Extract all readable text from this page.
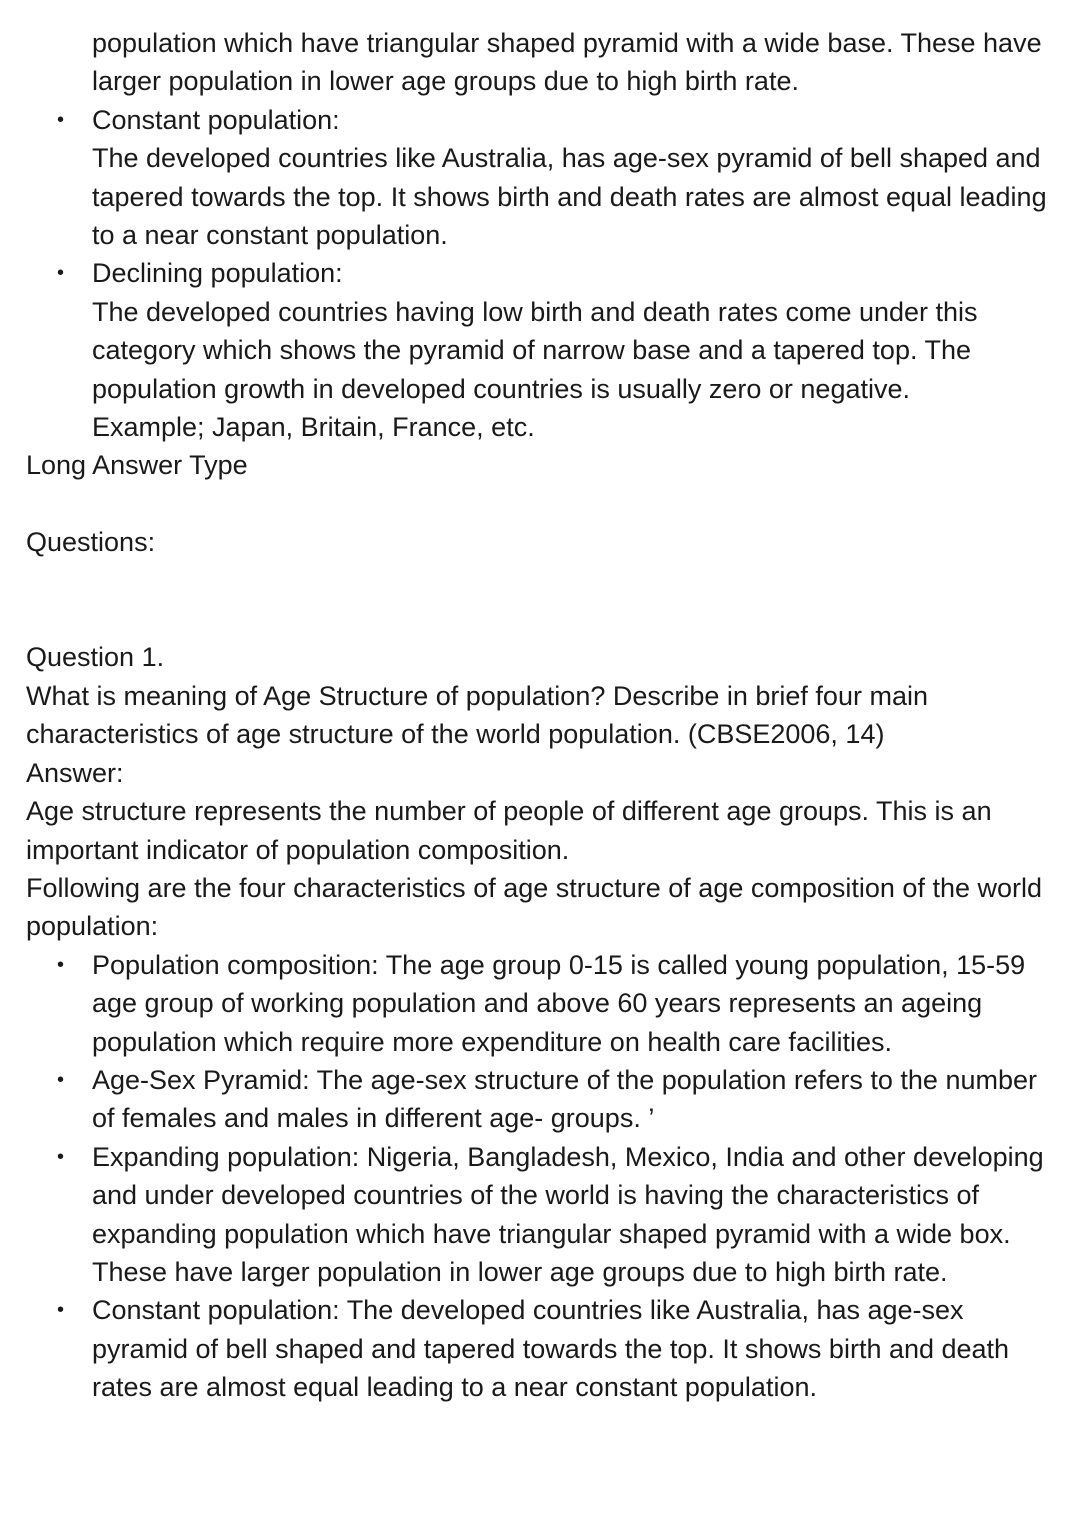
population which have triangular shaped pyramid with a wide base. These have larger population in lower age groups due to high birth rate.
• Constant population:
The developed countries like Australia, has age-sex pyramid of bell shaped and tapered towards the top. It shows birth and death rates are almost equal leading to a near constant population.
• Declining population:
The developed countries having low birth and death rates come under this category which shows the pyramid of narrow base and a tapered top. The population growth in developed countries is usually zero or negative.
Example; Japan, Britain, France, etc.
Long Answer Type
Questions:
Question 1.
What is meaning of Age Structure of population? Describe in brief four main characteristics of age structure of the world population. (CBSE2006, 14)
Answer:
Age structure represents the number of people of different age groups. This is an important indicator of population composition.
Following are the four characteristics of age structure of age composition of the world population:
• Population composition: The age group 0-15 is called young population, 15-59 age group of working population and above 60 years represents an ageing population which require more expenditure on health care facilities.
• Age-Sex Pyramid: The age-sex structure of the population refers to the number of females and males in different age- groups. ’
• Expanding population: Nigeria, Bangladesh, Mexico, India and other developing and under developed countries of the world is having the characteristics of expanding population which have triangular shaped pyramid with a wide box. These have larger population in lower age groups due to high birth rate.
• Constant population: The developed countries like Australia, has age-sex pyramid of bell shaped and tapered towards the top. It shows birth and death rates are almost equal leading to a near constant population.
